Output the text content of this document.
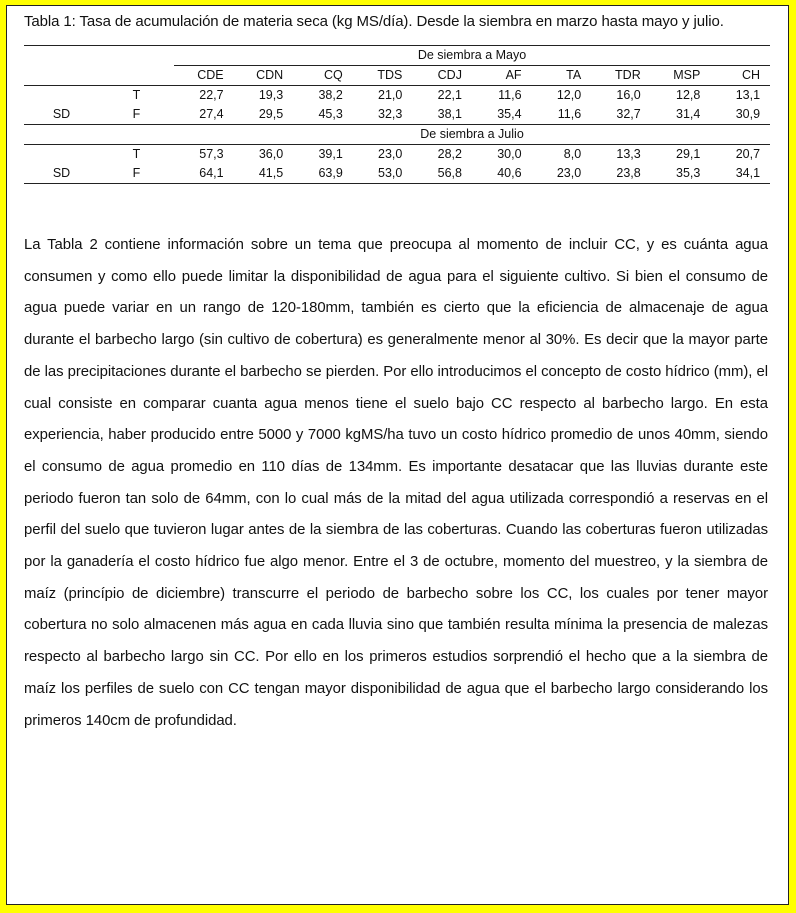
Tabla 1: Tasa de acumulación de materia seca (kg MS/día). Desde la siembra en marzo hasta mayo y julio.
		De siembra a Mayo									
		CDE	CDN	CQ	TDS	CDJ	AF	TA	TDR	MSP	CH
	T	22,7	19,3	38,2	21,0	22,1	11,6	12,0	16,0	12,8	13,1
SD	F	27,4	29,5	45,3	32,3	38,1	35,4	11,6	32,7	31,4	30,9
		De siembra a Julio									
	T	57,3	36,0	39,1	23,0	28,2	30,0	8,0	13,3	29,1	20,7
SD	F	64,1	41,5	63,9	53,0	56,8	40,6	23,0	23,8	35,3	34,1

La Tabla 2 contiene información sobre un tema que preocupa al momento de incluir CC, y es cuánta agua consumen y como ello puede limitar la disponibilidad de agua para el siguiente cultivo. Si bien el consumo de agua puede variar en un rango de 120-180mm, también es cierto que la eficiencia de almacenaje de agua durante el barbecho largo (sin cultivo de cobertura) es generalmente menor al 30%. Es decir que la mayor parte de las precipitaciones durante el barbecho se pierden. Por ello introducimos el concepto de costo hídrico (mm), el cual consiste en comparar cuanta agua menos tiene el suelo bajo CC respecto al barbecho largo. En esta experiencia, haber producido entre 5000 y 7000 kgMS/ha tuvo un costo hídrico promedio de unos 40mm, siendo el consumo de agua promedio en 110 días de 134mm. Es importante desatacar que las lluvias durante este periodo fueron tan solo de 64mm, con lo cual más de la mitad del agua utilizada correspondió a reservas en el perfil del suelo que tuvieron lugar antes de la siembra de las coberturas. Cuando las coberturas fueron utilizadas por la ganadería el costo hídrico fue algo menor. Entre el 3 de octubre, momento del muestreo, y la siembra de maíz (princípio de diciembre) transcurre el periodo de barbecho sobre los CC, los cuales por tener mayor cobertura no solo almacenen más agua en cada lluvia sino que también resulta mínima la presencia de malezas respecto al barbecho largo sin CC. Por ello en los primeros estudios sorprendió el hecho que a la siembra de maíz los perfiles de suelo con CC tengan mayor disponibilidad de agua que el barbecho largo considerando los primeros 140cm de profundidad.
